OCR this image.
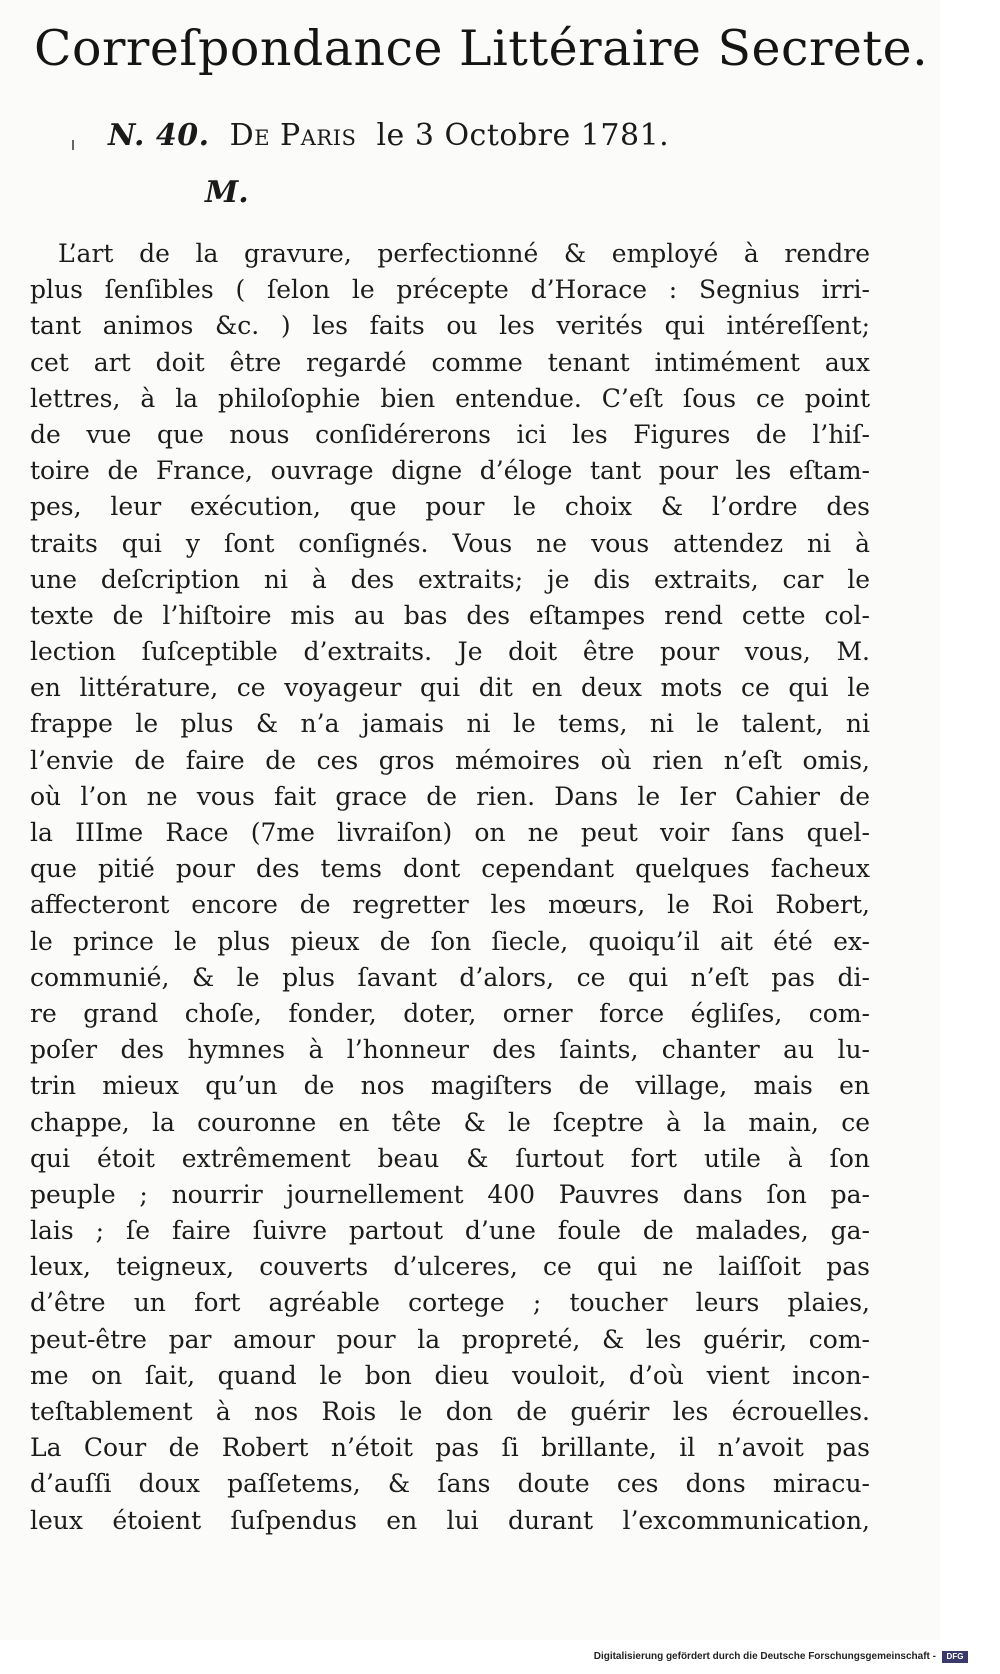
Correſpondance Littéraire Secrete.
N. 40. De Paris le 3 Octobre 1781.
M.
L’art de la gravure, perfectionné & employé à rendre
plus ſenſibles ( ſelon le précepte d’Horace : Segnius irri-
tant animos &c. ) les faits ou les verités qui intéreſſent;
cet art doit être regardé comme tenant intimément aux
lettres, à la philoſophie bien entendue. C’eſt ſous ce point
de vue que nous conſidérerons ici les Figures de l’hiſ-
toire de France, ouvrage digne d’éloge tant pour les eſtam-
pes, leur exécution, que pour le choix & l’ordre des
traits qui y ſont conſignés. Vous ne vous attendez ni à
une deſcription ni à des extraits; je dis extraits, car le
texte de l’hiſtoire mis au bas des eſtampes rend cette col-
lection ſuſceptible d’extraits. Je doit être pour vous, M.
en littérature, ce voyageur qui dit en deux mots ce qui le
frappe le plus & n’a jamais ni le tems, ni le talent, ni
l’envie de faire de ces gros mémoires où rien n’eſt omis,
où l’on ne vous fait grace de rien. Dans le Ier Cahier de
la IIIme Race (7me livraiſon) on ne peut voir ſans quel-
que pitié pour des tems dont cependant quelques facheux
affecteront encore de regretter les mœurs, le Roi Robert,
le prince le plus pieux de ſon ſiecle, quoiqu’il ait été ex-
communié, & le plus ſavant d’alors, ce qui n’eſt pas di-
re grand choſe, fonder, doter, orner force égliſes, com-
poſer des hymnes à l’honneur des ſaints, chanter au lu-
trin mieux qu’un de nos magiſters de village, mais en
chappe, la couronne en tête & le ſceptre à la main, ce
qui étoit extrêmement beau & ſurtout fort utile à ſon
peuple ; nourrir journellement 400 Pauvres dans ſon pa-
lais ; ſe faire ſuivre partout d’une foule de malades, ga-
leux, teigneux, couverts d’ulceres, ce qui ne laiſſoit pas
d’être un fort agréable cortege ; toucher leurs plaies,
peut-être par amour pour la propreté, & les guérir, com-
me on ſait, quand le bon dieu vouloit, d’où vient incon-
teſtablement à nos Rois le don de guérir les écrouelles.
La Cour de Robert n’étoit pas ſi brillante, il n’avoit pas
d’auſſi doux paſſetems, & ſans doute ces dons miracu-
leux étoient ſuſpendus en lui durant l’excommunication,
Digitalisierung gefördert durch die Deutsche Forschungsgemeinschaft -	DFG
